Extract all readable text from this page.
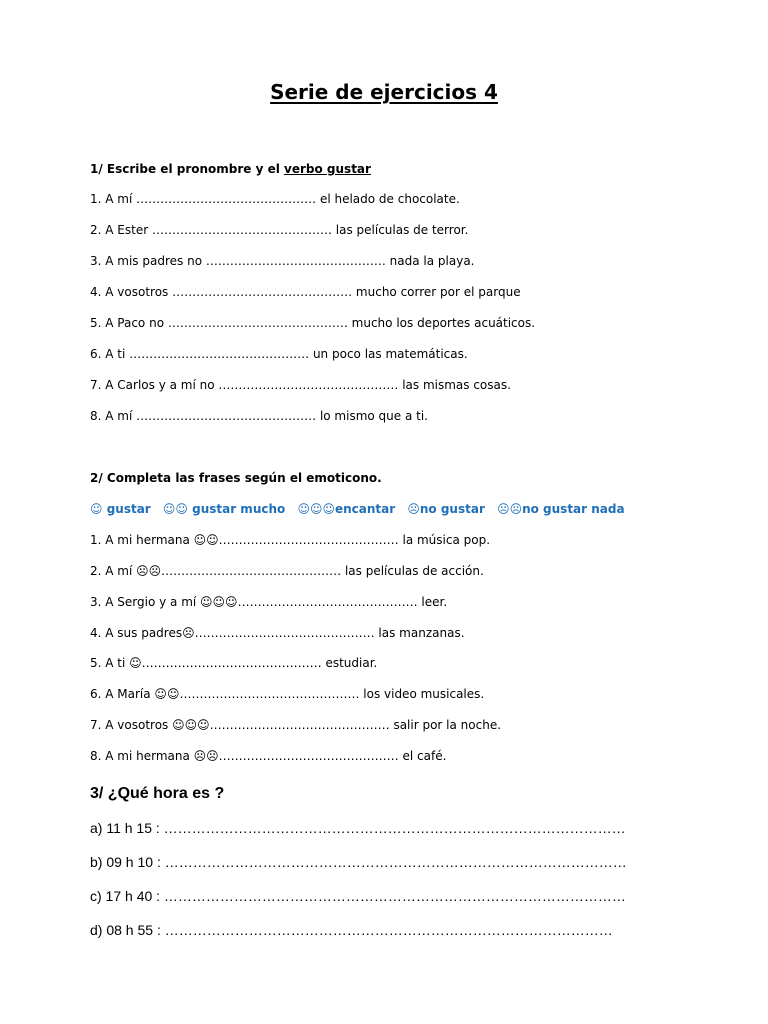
Serie de ejercicios 4
1/ Escribe el pronombre y el verbo gustar
1. A mí ……………………………………… el helado de chocolate.
2. A Ester ……………………………………… las películas de terror.
3. A mis padres no ……………………………………… nada la playa.
4. A vosotros ……………………………………… mucho correr por el parque
5. A Paco no ……………………………………… mucho los deportes acuáticos.
6. A ti ……………………………………… un poco las matemáticas.
7. A Carlos y a mí no ……………………………………… las mismas cosas.
8. A mí ……………………………………… lo mismo que a ti.
2/ Completa las frases según el emoticono.
☺ gustar ☺☺ gustar mucho ☺☺☺encantar ☹no gustar ☹☹no gustar nada
1. A mi hermana ☺☺……………………………………… la música pop.
2. A mí ☹☹……………………………………… las películas de acción.
3. A Sergio y a mí ☺☺☺……………………………………… leer.
4. A sus padres☹……………………………………… las manzanas.
5. A ti ☺……………………………………… estudiar.
6. A María ☺☺……………………………………… los video musicales.
7. A vosotros ☺☺☺……………………………………… salir por la noche.
8. A mi hermana ☹☹……………………………………… el café.
3/ ¿Qué hora es ?
a) 11 h 15 : ………………………………………………………………………………………
b) 09 h 10 : ………………………………………………………………………………………
c) 17 h 40 : ………………………………………………………………………………………
d) 08 h 55 : ……………………………………………………………………………………
